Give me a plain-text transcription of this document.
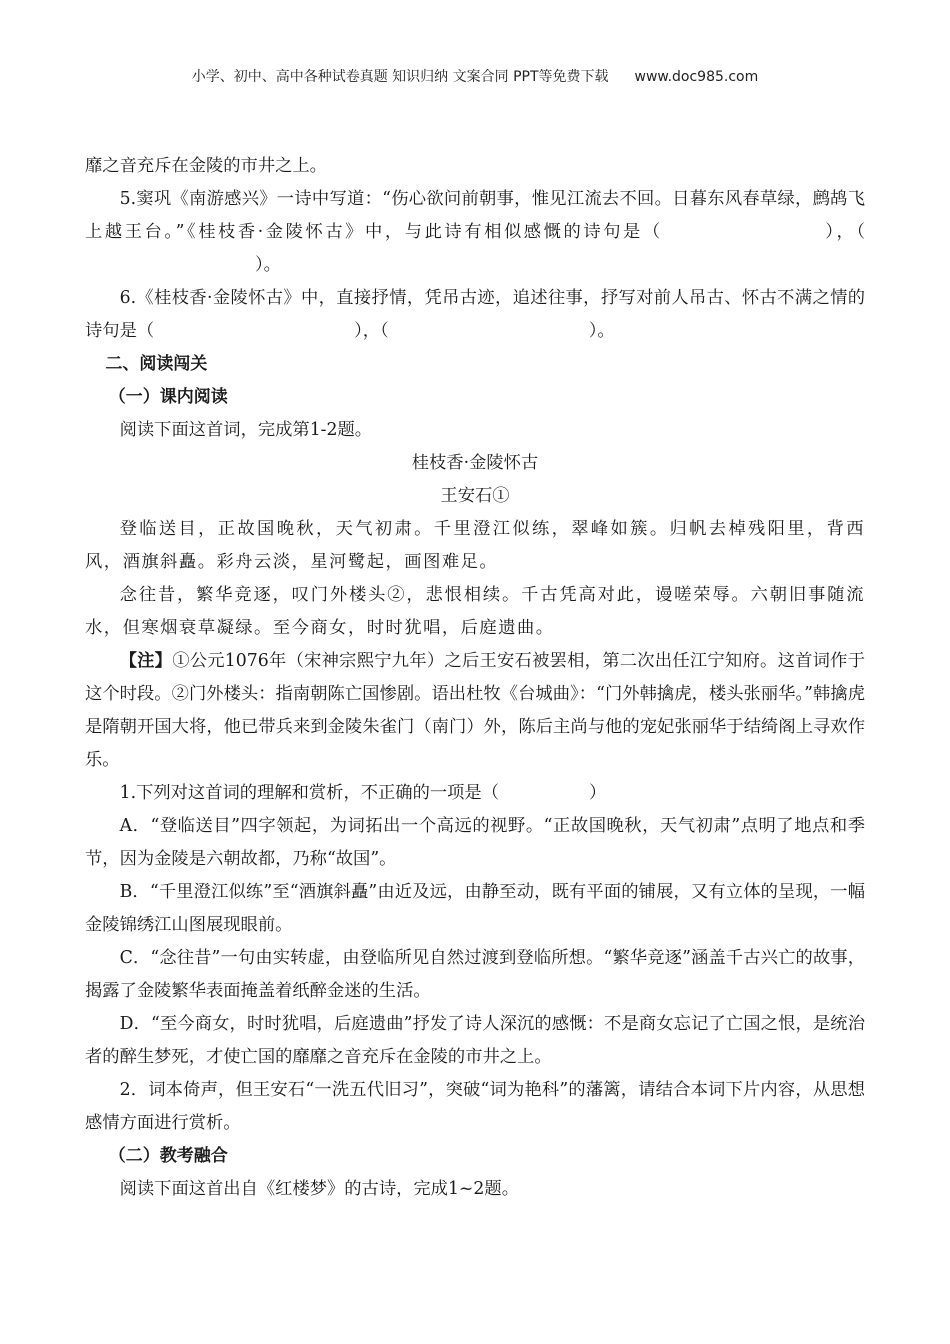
小学、初中、高中各种试卷真题 知识归纳 文案合同 PPT等免费下载 www.doc985.com

靡之音充斥在金陵的市井之上。

5.窦巩《南游感兴》一诗中写道：“伤心欲问前朝事，惟见江流去不回。日暮东风春草绿，鹧鸪飞上越王台。”《桂枝香·金陵怀古》中，与此诗有相似感慨的诗句是（	），（）。

6.《桂枝香·金陵怀古》中，直接抒情，凭吊古迹，追述往事，抒写对前人吊古、怀古不满之情的诗句是（	），（	）。

二、阅读闯关

（一）课内阅读

阅读下面这首词，完成第1-2题。

桂枝香·金陵怀古

王安石①

登临送目，正故国晚秋，天气初肃。千里澄江似练，翠峰如簇。归帆去棹残阳里，背西风，酒旗斜矗。彩舟云淡，星河鹭起，画图难足。

念往昔，繁华竞逐，叹门外楼头②，悲恨相续。千古凭高对此，谩嗟荣辱。六朝旧事随流水，但寒烟衰草凝绿。至今商女，时时犹唱，后庭遗曲。

【注】①公元1076年（宋神宗熙宁九年）之后王安石被罢相，第二次出任江宁知府。这首词作于这个时段。②门外楼头：指南朝陈亡国惨剧。语出杜牧《台城曲》：“门外韩擒虎，楼头张丽华。”韩擒虎是隋朝开国大将，他已带兵来到金陵朱雀门（南门）外，陈后主尚与他的宠妃张丽华于结绮阁上寻欢作乐。

1.下列对这首词的理解和赏析，不正确的一项是（	）

A．“登临送目”四字领起，为词拓出一个高远的视野。“正故国晚秋，天气初肃”点明了地点和季节，因为金陵是六朝故都，乃称“故国”。

B．“千里澄江似练”至“酒旗斜矗”由近及远，由静至动，既有平面的铺展，又有立体的呈现，一幅金陵锦绣江山图展现眼前。

C．“念往昔”一句由实转虚，由登临所见自然过渡到登临所想。“繁华竞逐”涵盖千古兴亡的故事，揭露了金陵繁华表面掩盖着纸醉金迷的生活。

D．“至今商女，时时犹唱，后庭遗曲”抒发了诗人深沉的感慨：不是商女忘记了亡国之恨，是统治者的醉生梦死，才使亡国的靡靡之音充斥在金陵的市井之上。

2．词本倚声，但王安石“一洗五代旧习”，突破“词为艳科”的藩篱，请结合本词下片内容，从思想感情方面进行赏析。

（二）教考融合

阅读下面这首出自《红楼梦》的古诗，完成1~2题。
